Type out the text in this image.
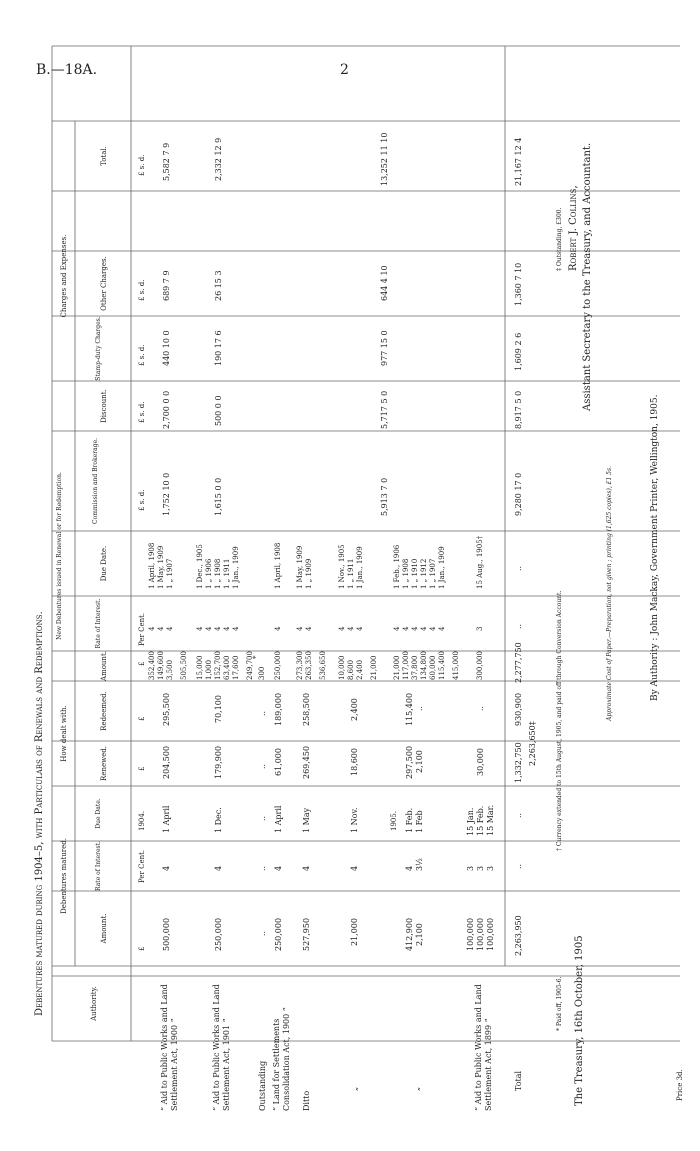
B.—18A.	2
Debentures matured during 1904–5, with Particulars of Renewals and Redemptions. Debentures matured.
How dealt with.
New Debentures issued in Renewal or for Redemption.
Charges and Expenses.
Authority.
Amount.
Rate of Interest.
Due Date.
Renewed.
Redeemed.
Amount.
Rate of Interest.
Due Date.
Commission and Brokerage.
Discount.
Stamp-duty Charges.
Other Charges.
Total.
£
Per Cent.
1904.
£
£
£
Per Cent.
£ s. d.
£ s. d.
£ s. d.
£ s. d.
£ s. d.
“ Aid to Public Works and Land Settlement Act, 1900 ”
500,000
4
1 April
204,500
295,500
352,400 149,600 3,500 505,500
4 4 4
1 April, 1908 1 May, 1909 1 „ 1907
1,752 10 0
2,700 0 0
440 10 0
689 7 9
5,582 7 9
“ Aid to Public Works and Land Settlement Act, 1901 ”
250,000
4
1 Dec.
179,900
70,100
15,000 1,000 152,700 63,400 17,600 249,700
4 4 4 4 4
1 Dec., 1905 1 „ 1906 1 „ 1908 1 „ 1911 1 Jan., 1909
1,615 0 0
500 0 0
190 17 6
26 15 3
2,332 12 9
Outstanding
..
..
..
..
..
300
*
“ Land for Settlements Consolidation Act, 1900 ”
250,000
4
1 April
61,000
189,000
250,000
4
1 April, 1908
Ditto
527,950
4
1 May
269,450
258,500
273,300 263,350 536,650
4 4
1 May, 1909 1 „ 1909
„
21,000
4
1 Nov.
18,600
2,400
10,000 8,600 2,400 21,000
4 4 4
1 Nov., 1905 1 „ 1911 1 Jan., 1909
5,913 7 0
5,717 5 0
977 15 0
644 4 10
13,252 11 10
1905.
„
412,900 2,100
4 3½
1 Feb. 1 Feb
297,500 2,100
115,400 ..
21,000 117,000 37,800 134,800 60,000 115,400 415,000
4 4 4 4 4 4
1 Feb., 1906 1 „ 1908 1 „ 1910 1 „ 1912 1 „ 1907 1 Jan., 1909
“ Aid to Public Works and Land Settlement Act, 1899 ”
100,000 100,000 100,000
3 3 3
15 Jan. 15 Feb. 15 Mar.
30,000
..
300,000
3
15 Aug., 1905†
Total
2,263,950
..
..
1,332,750
930,900
2,263,650‡
2,277,750
..
..
9,280 17 0
8,917 5 0
1,609 2 6
1,360 7 10
21,167 12 4
* Paid off, 1905-6.
† Currency extended to 15th August, 1905, and paid off through Conversion Account.
‡ Outstanding, £300.
The Treasury, 16th October, 1905
Robert J. Collins, Assistant Secretary to the Treasury, and Accountant.
Approximate Cost of Paper.—Preparation, not given ; printing (1,625 copies), £1 5s.	By Authority : John Mackay, Government Printer, Wellington, 1905.
Price 3d.
